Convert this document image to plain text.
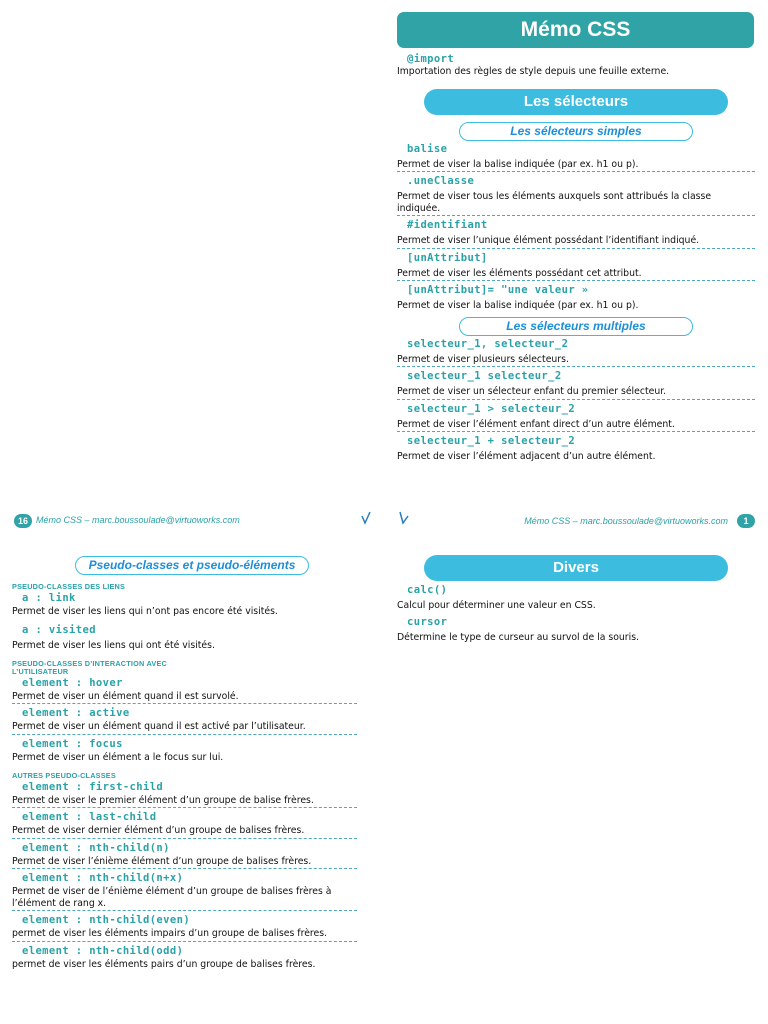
Mémo CSS
@import
Importation des règles de style depuis une feuille externe.
Les sélecteurs
Les sélecteurs simples
balise
Permet de viser la balise indiquée (par ex. h1 ou p).
.uneClasse
Permet de viser tous les éléments auxquels sont attribués la classe indiquée.
#identifiant
Permet de viser l’unique élément possédant l’identifiant indiqué.
[unAttribut]
Permet de viser les éléments possédant cet attribut.
[unAttribut]= "une valeur »
Permet de viser la balise indiquée (par ex. h1 ou p).
Les sélecteurs multiples
selecteur_1, selecteur_2
Permet de viser plusieurs sélecteurs.
selecteur_1 selecteur_2
Permet de viser un sélecteur enfant du premier sélecteur.
selecteur_1 > selecteur_2
Permet de viser l’élément enfant direct d’un autre élément.
selecteur_1 + selecteur_2
Permet de viser l’élément adjacent d’un autre élément.
16 Mémo CSS – marc.boussoulade@virtuoworks.com	Mémo CSS – marc.boussoulade@virtuoworks.com	1
Divers
calc()
Calcul pour déterminer une valeur en CSS.
cursor
Détermine le type de curseur au survol de la souris.
Pseudo-classes et pseudo-éléments
PSEUDO-CLASSES DES LIENS
a : link
Permet de viser les liens qui n’ont pas encore été visités.
a : visited
Permet de viser les liens qui ont été visités.
PSEUDO-CLASSES D’INTERACTION AVEC
L’UTILISATEUR
element : hover
Permet de viser un élément quand il est survolé.
element : active
Permet de viser un élément quand il est activé par l’utilisateur.
element : focus
Permet de viser un élément a le focus sur lui.
AUTRES PSEUDO-CLASSES
element : first-child
Permet de viser le premier élément d’un groupe de balise frères.
element : last-child
Permet de viser dernier élément d’un groupe de balises frères.
element : nth-child(n)
Permet de viser l’énième élément d’un groupe de balises frères.
element : nth-child(n+x)
Permet de viser de l’énième élément d’un groupe de balises frères à l’élément de rang x.
element : nth-child(even)
permet de viser les éléments impairs d’un groupe de balises frères.
element : nth-child(odd)
permet de viser les éléments pairs d’un groupe de balises frères.
